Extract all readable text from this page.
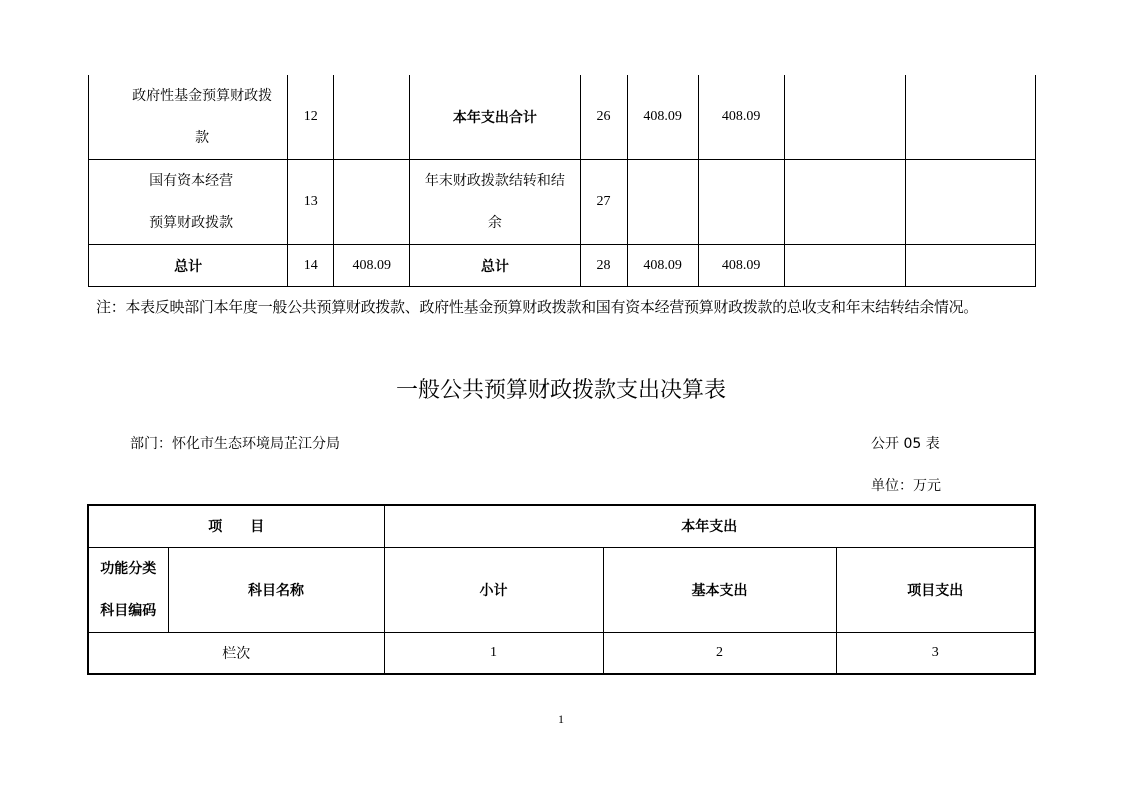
政府性基金预算财政拨款	12		本年支出合计	26	408.09	408.09		
国有资本经营预算财政拨款	13		年末财政拨款结转和结余	27				
总计	14	408.09	总计	28	408.09	408.09		
注：本表反映部门本年度一般公共预算财政拨款、政府性基金预算财政拨款和国有资本经营预算财政拨款的总收支和年末结转结余情况。
一般公共预算财政拨款支出决算表
部门：怀化市生态环境局芷江分局	公开 05 表
单位：万元
项　　目		本年支出		
功能分类科目编码	科目名称	小计	基本支出	项目支出
栏次		1	2	3
1
